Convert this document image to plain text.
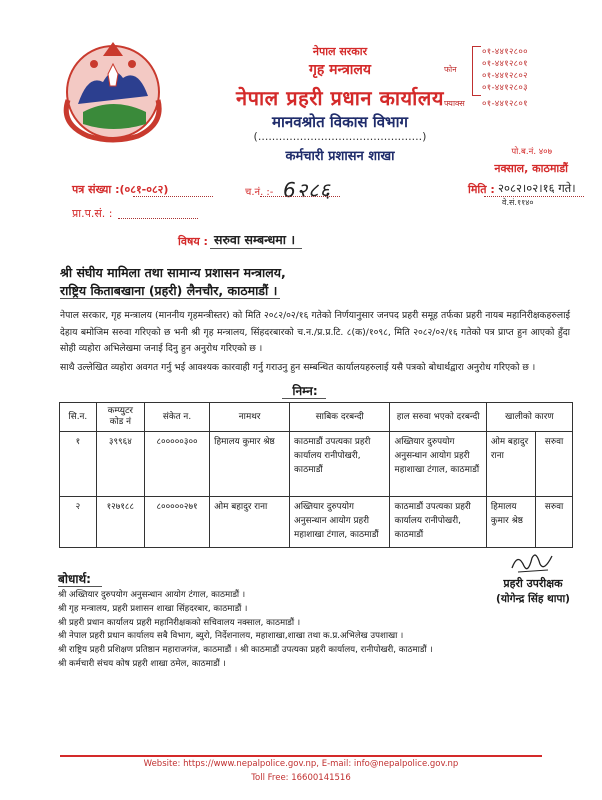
नेपाल सरकार
गृह मन्त्रालय
नेपाल प्रहरी प्रधान कार्यालय
मानवश्रोत विकास विभाग
(...............................................)
कर्मचारी प्रशासन शाखा
फोन
०१-४४१२८००
०१-४४१२८०१
०१-४४१२८०२
०१-४४१२८०३
फ्याक्स ०१-४४१२८०१
पो.ब.नं. ४०७
नक्साल, काठमाडौं
पत्र संख्या :(०८१-०८२)	च.नं. :- 6२८६	मिति : २०८२।०२।१६ गते।
वे.सं.११४०
प्रा.प.सं. :
विषय : सरुवा सम्बन्धमा ।
श्री संघीय मामिला तथा सामान्य प्रशासन मन्त्रालय,
राष्ट्रिय किताबखाना (प्रहरी) लैनचौर, काठमाडौं ।
नेपाल सरकार, गृह मन्त्रालय (माननीय गृहमन्त्रीस्तर) को मिति २०८२/०२/१६ गतेको निर्णयानुसार जनपद प्रहरी समूह तर्फका प्रहरी नायब महानिरीक्षकहरुलाई देहाय बमोजिम सरुवा गरिएको छ भनी श्री गृह मन्त्रालय, सिंहदरबारको च.न./प्र.प्र.टि. ८(क)/१०९८, मिति २०८२/०२/१६ गतेको पत्र प्राप्त हुन आएको हुँदा सोही व्यहोरा अभिलेखमा जनाई दिनु हुन अनुरोध गरिएको छ ।
साथै उल्लेखित व्यहोरा अवगत गर्नु भई आवश्यक कारवाही गर्नु गराउनु हुन सम्बन्धित कार्यालयहरुलाई यसै पत्रको बोधार्थद्वारा अनुरोध गरिएको छ ।
निम्न:
सि.न.	कम्प्युटर कोड नं	संकेत न.	नामथर	साबिक दरबन्दी	हाल सरुवा भएको दरबन्दी	खालीको कारण	
१	३९९६४	८०००००३००	हिमालय कुमार श्रेष्ठ	काठमाडौं उपत्यका प्रहरी कार्यालय रानीपोखरी, काठमाडौं	अख्तियार दुरुपयोग अनुसन्धान आयोग प्रहरी महाशाखा टंगाल, काठमाडौं	ओम बहादुर राना	सरुवा
२	१२७१८८	८०००००२७१	ओम बहादुर राना	अख्तियार दुरुपयोग अनुसन्धान आयोग प्रहरी महाशाखा टंगाल, काठमाडौं	काठमाडौं उपत्यका प्रहरी कार्यालय रानीपोखरी, काठमाडौं	हिमालय कुमार श्रेष्ठ	सरुवा
प्रहरी उपरीक्षक
(योगेन्द्र सिंह थापा)
बोधार्थ:
श्री अख्तियार दुरुपयोग अनुसन्धान आयोग टंगाल, काठमाडौं ।
श्री गृह मन्त्रालय, प्रहरी प्रशासन शाखा सिंहदरबार, काठमाडौं ।
श्री प्रहरी प्रधान कार्यालय प्रहरी महानिरीक्षकको सचिवालय नक्साल, काठमाडौं ।
श्री नेपाल प्रहरी प्रधान कार्यालय सबै विभाग, ब्युरो, निर्देशनालय, महाशाखा,शाखा तथा क.प्र.अभिलेख उपशाखा ।
श्री राष्ट्रिय प्रहरी प्रशिक्षण प्रतिष्ठान महाराजगंज, काठमाडौं । श्री काठमाडौं उपत्यका प्रहरी कार्यालय, रानीपोखरी, काठमाडौं ।
श्री कर्मचारी संचय कोष प्रहरी शाखा ठमेल, काठमाडौं ।
Website: https://www.nepalpolice.gov.np, E-mail: info@nepalpolice.gov.np
Toll Free: 16600141516
